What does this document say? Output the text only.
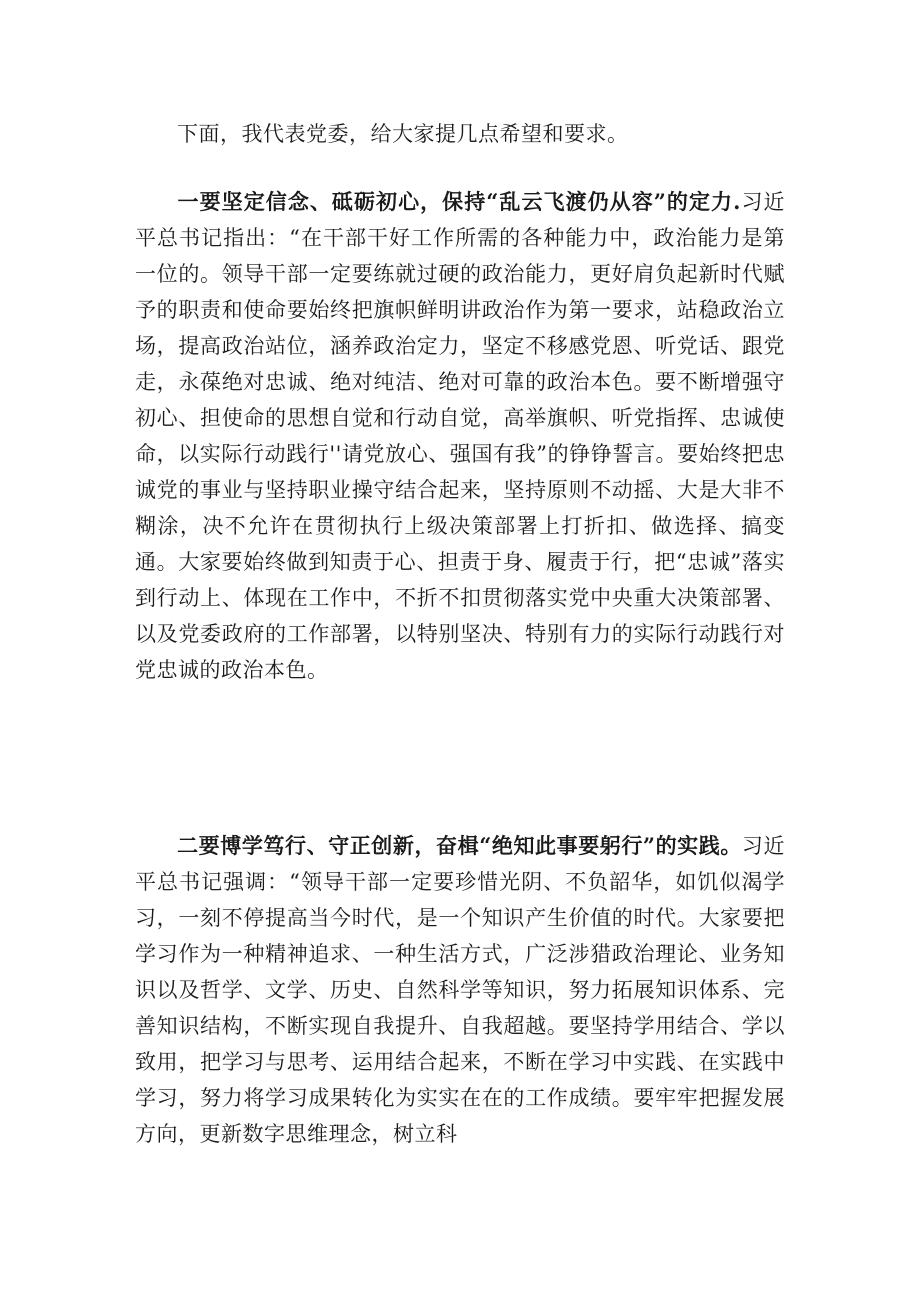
下面，我代表党委，给大家提几点希望和要求。

一要坚定信念、砥砺初心，保持“乱云飞渡仍从容”的定力.习近平总书记指出：“在干部干好工作所需的各种能力中，政治能力是第一位的。领导干部一定要练就过硬的政治能力，更好肩负起新时代赋予的职责和使命要始终把旗帜鲜明讲政治作为第一要求，站稳政治立场，提高政治站位，涵养政治定力，坚定不移感党恩、听党话、跟党走，永葆绝对忠诚、绝对纯洁、绝对可靠的政治本色。要不断增强守初心、担使命的思想自觉和行动自觉，高举旗帜、听党指挥、忠诚使命，以实际行动践行''请党放心、强国有我”的铮铮誓言。要始终把忠诚党的事业与坚持职业操守结合起来，坚持原则不动摇、大是大非不糊涂，决不允许在贯彻执行上级决策部署上打折扣、做选择、搞变通。大家要始终做到知责于心、担责于身、履责于行，把“忠诚”落实到行动上、体现在工作中，不折不扣贯彻落实党中央重大决策部署、以及党委政府的工作部署，以特别坚决、特别有力的实际行动践行对党忠诚的政治本色。

二要博学笃行、守正创新，奋楫“绝知此事要躬行”的实践。习近平总书记强调：“领导干部一定要珍惜光阴、不负韶华，如饥似渴学习，一刻不停提高当今时代，是一个知识产生价值的时代。大家要把学习作为一种精神追求、一种生活方式，广泛涉猎政治理论、业务知识以及哲学、文学、历史、自然科学等知识，努力拓展知识体系、完善知识结构，不断实现自我提升、自我超越。要坚持学用结合、学以致用，把学习与思考、运用结合起来，不断在学习中实践、在实践中学习，努力将学习成果转化为实实在在的工作成绩。要牢牢把握发展方向，更新数字思维理念，树立科
